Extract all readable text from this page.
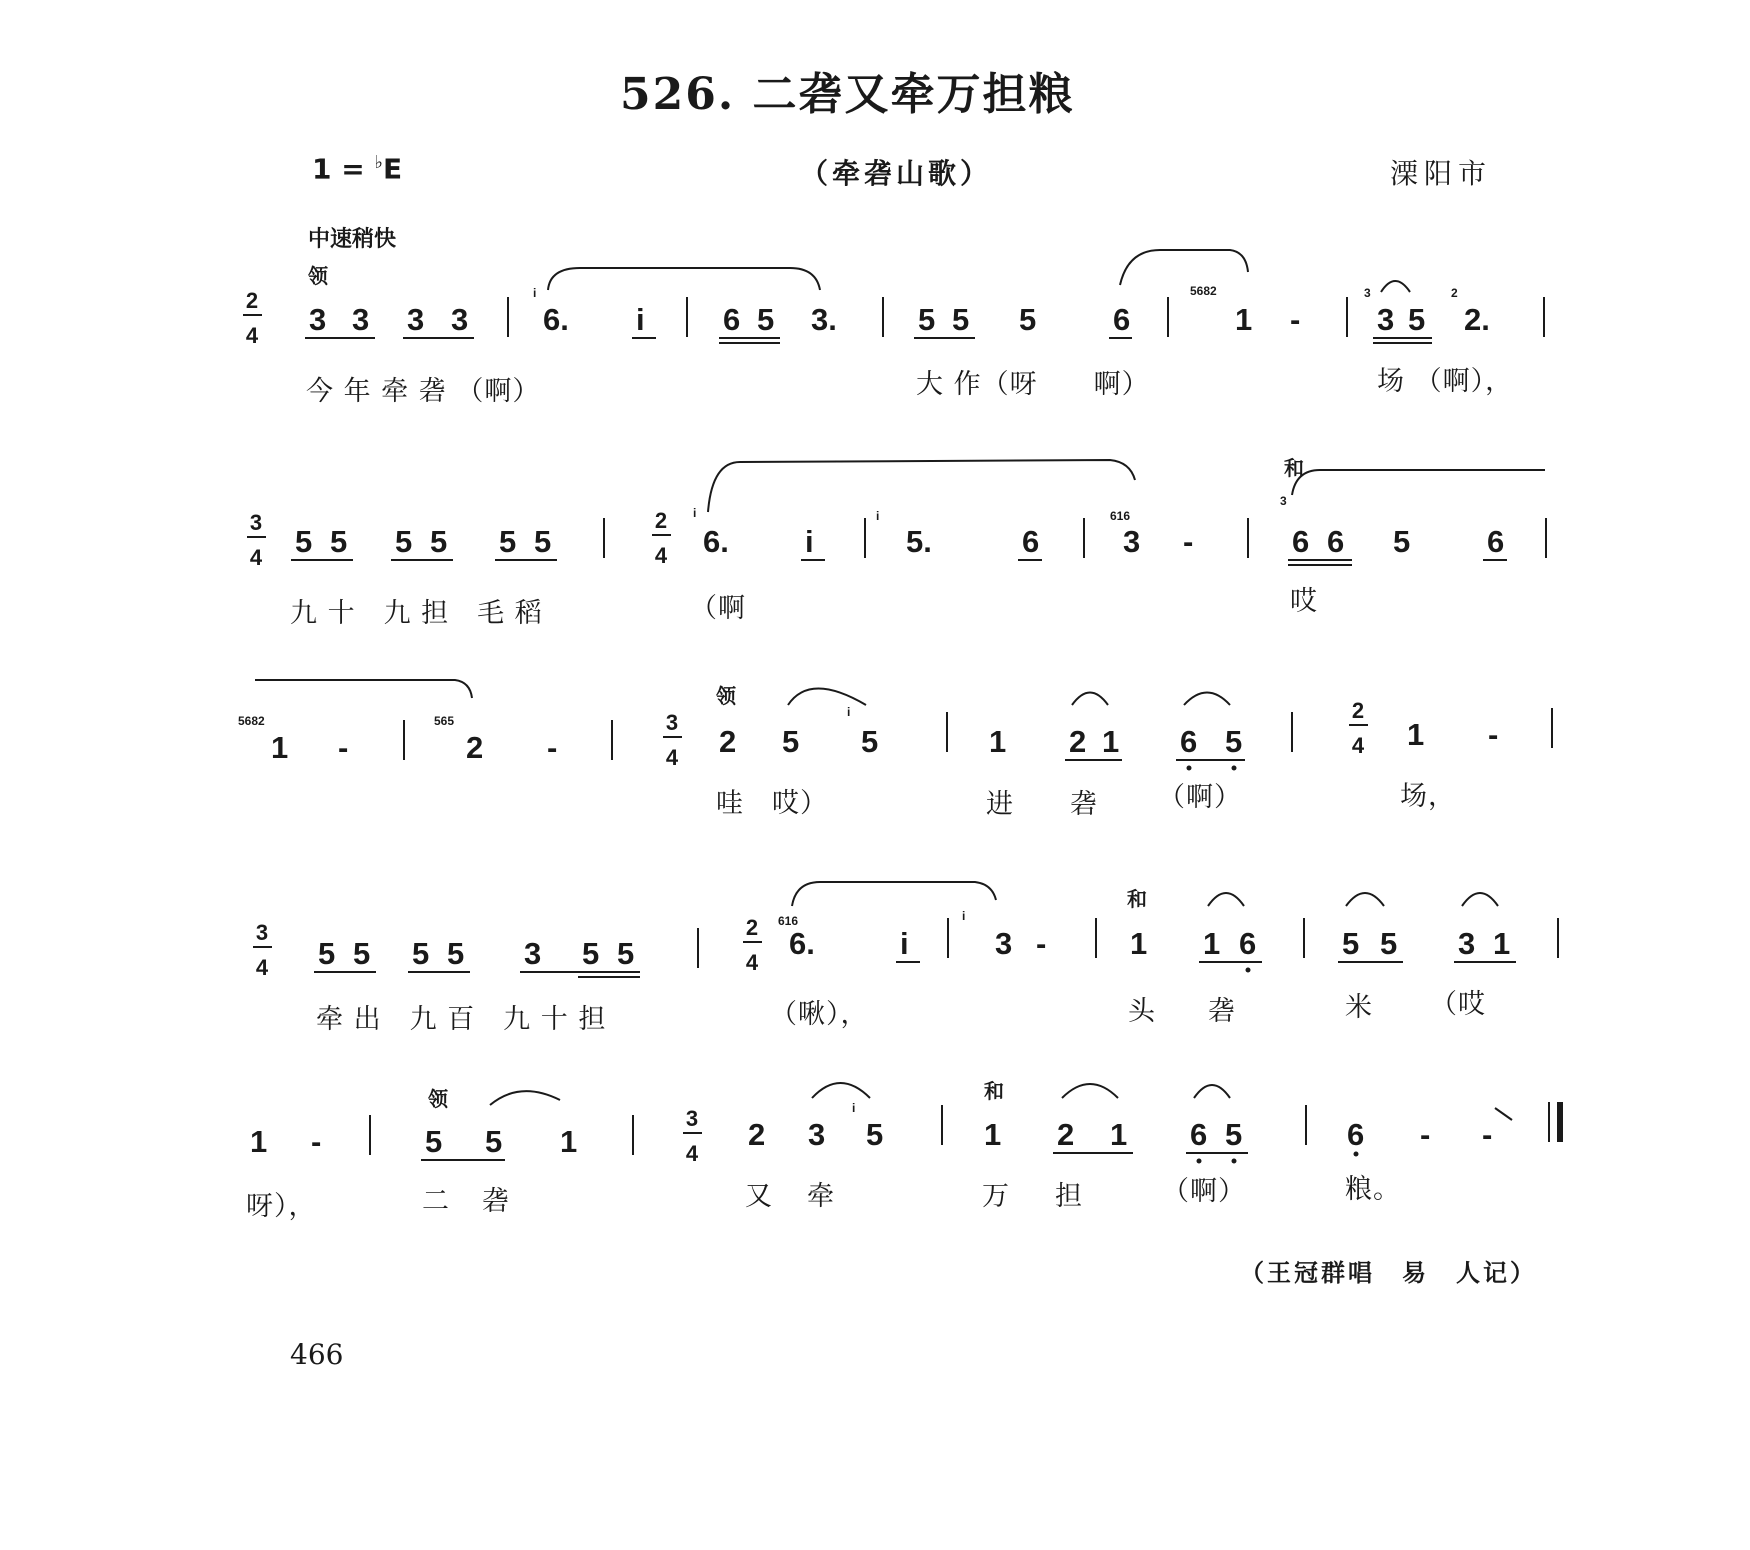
526. 二砻又牵万担粮
1 = ♭E	（牵砻山歌）	溧阳市
中速稍快
领
和
领
和
领	和
2
4 3 3 3 3
i
6. i	6 5 3.	5 5 5 6
5682
1 -
3
3 5
2
2.
今 年 牵 砻 （啊）	大 作（呀　　啊）	场 （啊），
3
4 5 5 5 5 5 5
2
4
i
6. i
i
5.	6
616
3 -
3
6 6 5 6
九 十　九 担　毛 稻	（啊	哎
5682
1 -
565
2 -
3
4 2 5
i
5	1 2 1 6 5
2
4 1 -
哇　哎）	进 砻 （啊）	场，
3
4 5 5 5 5 3 5 5
2
4
616
6.	i
i
3 -	1 1 6	5 5 3 1
牵 出　九 百　九 十 担	（啾），	头 砻	米 （哎
1 -	5 5 1
3
4
2 3
i
5	1 2 1 6 5	6 - -
呀），	二 砻	又 牵	万 担	（啊）	粮。
（王冠群唱　易　人记）
466
